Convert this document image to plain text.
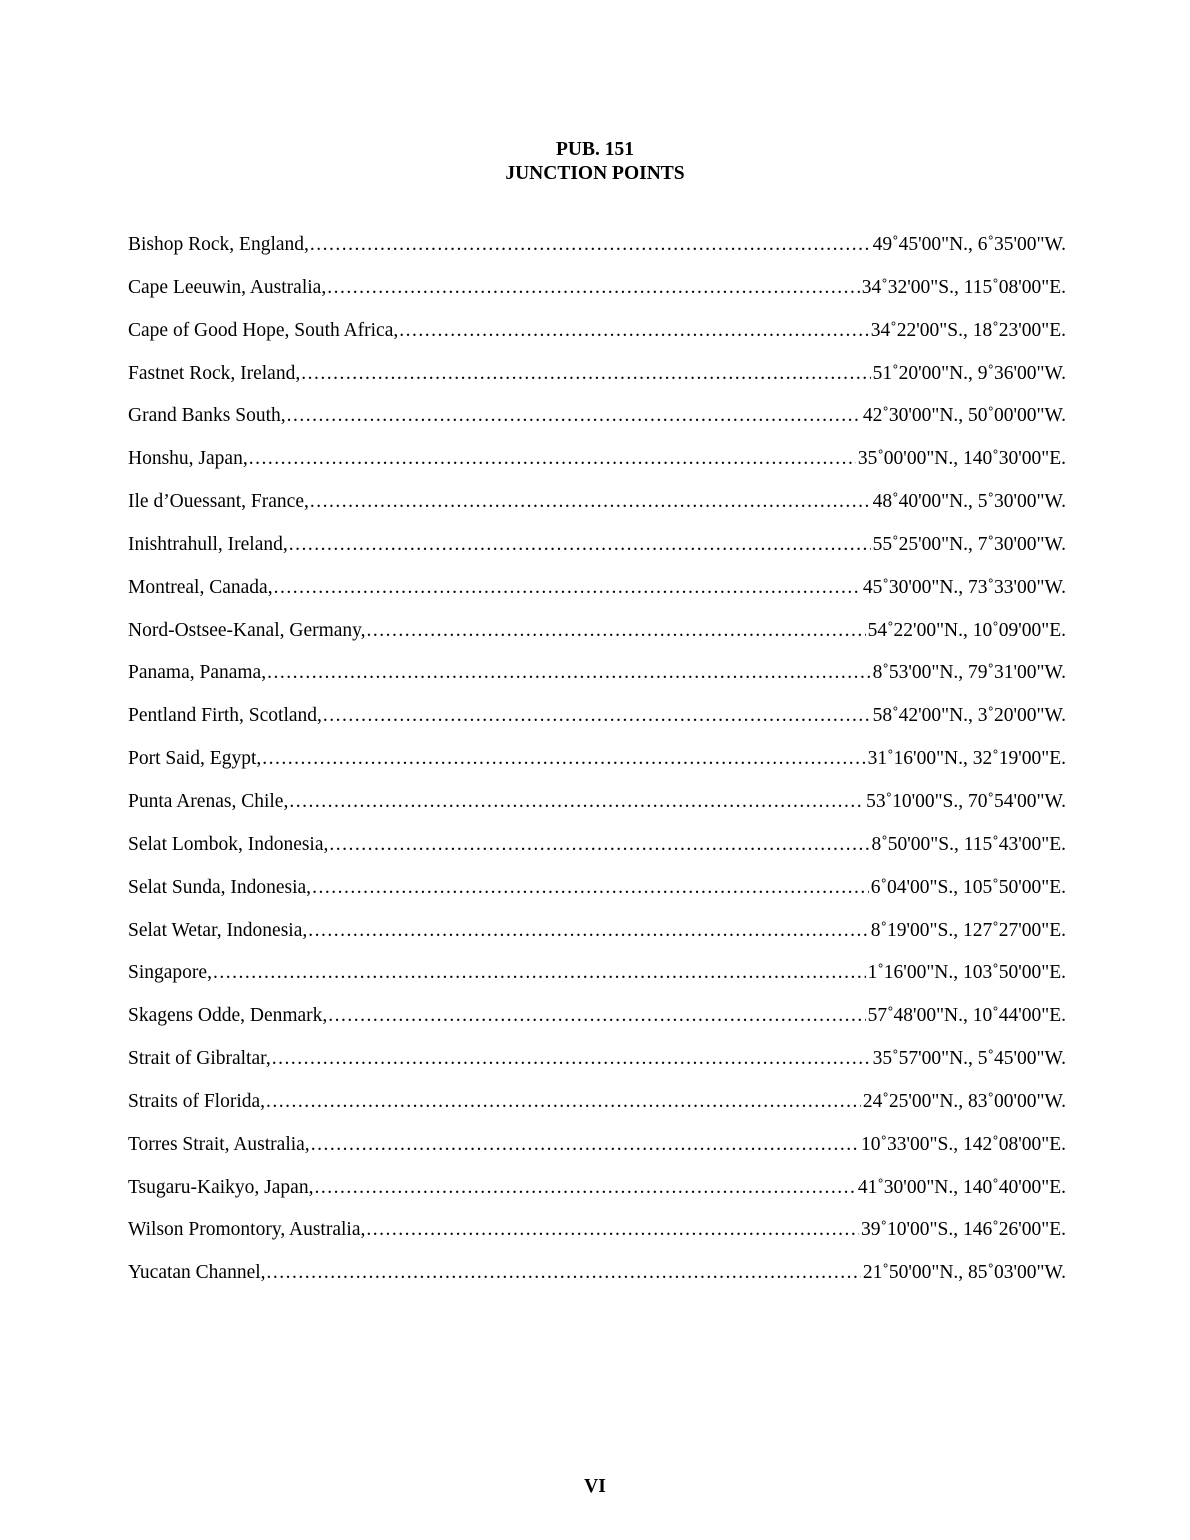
PUB. 151
JUNCTION POINTS
Bishop Rock, England, .....	49˚45'00"N., 6˚35'00"W.
Cape Leeuwin, Australia, .....	34˚32'00"S., 115˚08'00"E.
Cape of Good Hope, South Africa, .....	34˚22'00"S., 18˚23'00"E.
Fastnet Rock, Ireland, .....	51˚20'00"N., 9˚36'00"W.
Grand Banks South, .....	42˚30'00"N., 50˚00'00"W.
Honshu, Japan, .....	35˚00'00"N., 140˚30'00"E.
Ile d’Ouessant, France, .....	48˚40'00"N., 5˚30'00"W.
Inishtrahull, Ireland, .....	55˚25'00"N., 7˚30'00"W.
Montreal, Canada, .....	45˚30'00"N., 73˚33'00"W.
Nord-Ostsee-Kanal, Germany, .....	54˚22'00"N., 10˚09'00"E.
Panama, Panama, .....	8˚53'00"N., 79˚31'00"W.
Pentland Firth, Scotland, .....	58˚42'00"N., 3˚20'00"W.
Port Said, Egypt, .....	31˚16'00"N., 32˚19'00"E.
Punta Arenas, Chile, .....	53˚10'00"S., 70˚54'00"W.
Selat Lombok, Indonesia, .....	8˚50'00"S., 115˚43'00"E.
Selat Sunda, Indonesia, .....	6˚04'00"S., 105˚50'00"E.
Selat Wetar, Indonesia, .....	8˚19'00"S., 127˚27'00"E.
Singapore, .....	1˚16'00"N., 103˚50'00"E.
Skagens Odde, Denmark, .....	57˚48'00"N., 10˚44'00"E.
Strait of Gibraltar, .....	35˚57'00"N., 5˚45'00"W.
Straits of Florida, .....	24˚25'00"N., 83˚00'00"W.
Torres Strait, Australia, .....	10˚33'00"S., 142˚08'00"E.
Tsugaru-Kaikyo, Japan, .....	41˚30'00"N., 140˚40'00"E.
Wilson Promontory, Australia, .....	39˚10'00"S., 146˚26'00"E.
Yucatan Channel, .....	21˚50'00"N., 85˚03'00"W.
VI
